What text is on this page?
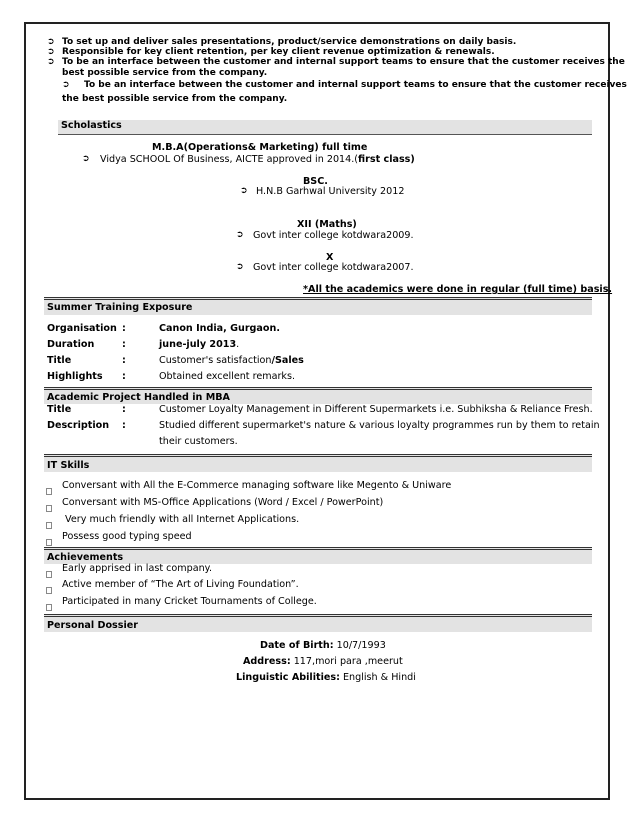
➲ To set up and deliver sales presentations, product/service demonstrations on daily basis.
➲ Responsible for key client retention, per key client revenue optimization & renewals.
➲ To be an interface between the customer and internal support teams to ensure that the customer receives the
best possible service from the company.
➲ To be an interface between the customer and internal support teams to ensure that the customer receives
the best possible service from the company.
Scholastics
M.B.A(Operations& Marketing) full time
➲ Vidya SCHOOL Of Business, AICTE approved in 2014.(first class)
BSC.
➲ H.N.B Garhwal University 2012
XII (Maths)
➲ Govt inter college kotdwara2009.
X
➲ Govt inter college kotdwara2007.
*All the academics were done in regular (full time) basis.
Summer Training Exposure
Organisation :	Canon India, Gurgaon.
Duration	:	june-july 2013.
Title	:	Customer's satisfaction/Sales
Highlights :	Obtained excellent remarks.
Academic Project Handled in MBA
Title	:	Customer Loyalty Management in Different Supermarkets i.e. Subhiksha & Reliance Fresh.
Description :	Studied different supermarket's nature & various loyalty programmes run by them to retain
their customers.
IT Skills
Conversant with All the E-Commerce managing software like Megento & Uniware
Conversant with MS-Office Applications (Word / Excel / PowerPoint)
Very much friendly with all Internet Applications.
Possess good typing speed
Achievements
Early apprised in last company.
Active member of “The Art of Living Foundation”.
Participated in many Cricket Tournaments of College.
Personal Dossier
Date of Birth: 10/7/1993
Address: 117,mori para ,meerut
Linguistic Abilities: English & Hindi
